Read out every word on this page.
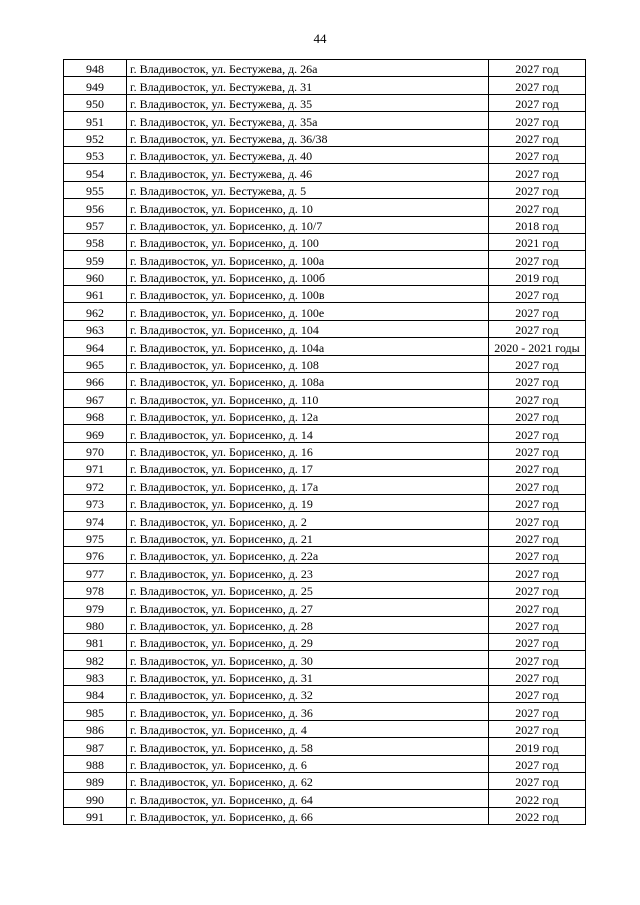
44
948	г. Владивосток, ул. Бестужева, д. 26а	2027 год
949	г. Владивосток, ул. Бестужева, д. 31	2027 год
950	г. Владивосток, ул. Бестужева, д. 35	2027 год
951	г. Владивосток, ул. Бестужева, д. 35а	2027 год
952	г. Владивосток, ул. Бестужева, д. 36/38	2027 год
953	г. Владивосток, ул. Бестужева, д. 40	2027 год
954	г. Владивосток, ул. Бестужева, д. 46	2027 год
955	г. Владивосток, ул. Бестужева, д. 5	2027 год
956	г. Владивосток, ул. Борисенко, д. 10	2027 год
957	г. Владивосток, ул. Борисенко, д. 10/7	2018 год
958	г. Владивосток, ул. Борисенко, д. 100	2021 год
959	г. Владивосток, ул. Борисенко, д. 100а	2027 год
960	г. Владивосток, ул. Борисенко, д. 100б	2019 год
961	г. Владивосток, ул. Борисенко, д. 100в	2027 год
962	г. Владивосток, ул. Борисенко, д. 100е	2027 год
963	г. Владивосток, ул. Борисенко, д. 104	2027 год
964	г. Владивосток, ул. Борисенко, д. 104а	2020 - 2021 годы
965	г. Владивосток, ул. Борисенко, д. 108	2027 год
966	г. Владивосток, ул. Борисенко, д. 108а	2027 год
967	г. Владивосток, ул. Борисенко, д. 110	2027 год
968	г. Владивосток, ул. Борисенко, д. 12а	2027 год
969	г. Владивосток, ул. Борисенко, д. 14	2027 год
970	г. Владивосток, ул. Борисенко, д. 16	2027 год
971	г. Владивосток, ул. Борисенко, д. 17	2027 год
972	г. Владивосток, ул. Борисенко, д. 17а	2027 год
973	г. Владивосток, ул. Борисенко, д. 19	2027 год
974	г. Владивосток, ул. Борисенко, д. 2	2027 год
975	г. Владивосток, ул. Борисенко, д. 21	2027 год
976	г. Владивосток, ул. Борисенко, д. 22а	2027 год
977	г. Владивосток, ул. Борисенко, д. 23	2027 год
978	г. Владивосток, ул. Борисенко, д. 25	2027 год
979	г. Владивосток, ул. Борисенко, д. 27	2027 год
980	г. Владивосток, ул. Борисенко, д. 28	2027 год
981	г. Владивосток, ул. Борисенко, д. 29	2027 год
982	г. Владивосток, ул. Борисенко, д. 30	2027 год
983	г. Владивосток, ул. Борисенко, д. 31	2027 год
984	г. Владивосток, ул. Борисенко, д. 32	2027 год
985	г. Владивосток, ул. Борисенко, д. 36	2027 год
986	г. Владивосток, ул. Борисенко, д. 4	2027 год
987	г. Владивосток, ул. Борисенко, д. 58	2019 год
988	г. Владивосток, ул. Борисенко, д. 6	2027 год
989	г. Владивосток, ул. Борисенко, д. 62	2027 год
990	г. Владивосток, ул. Борисенко, д. 64	2022 год
991	г. Владивосток, ул. Борисенко, д. 66	2022 год
